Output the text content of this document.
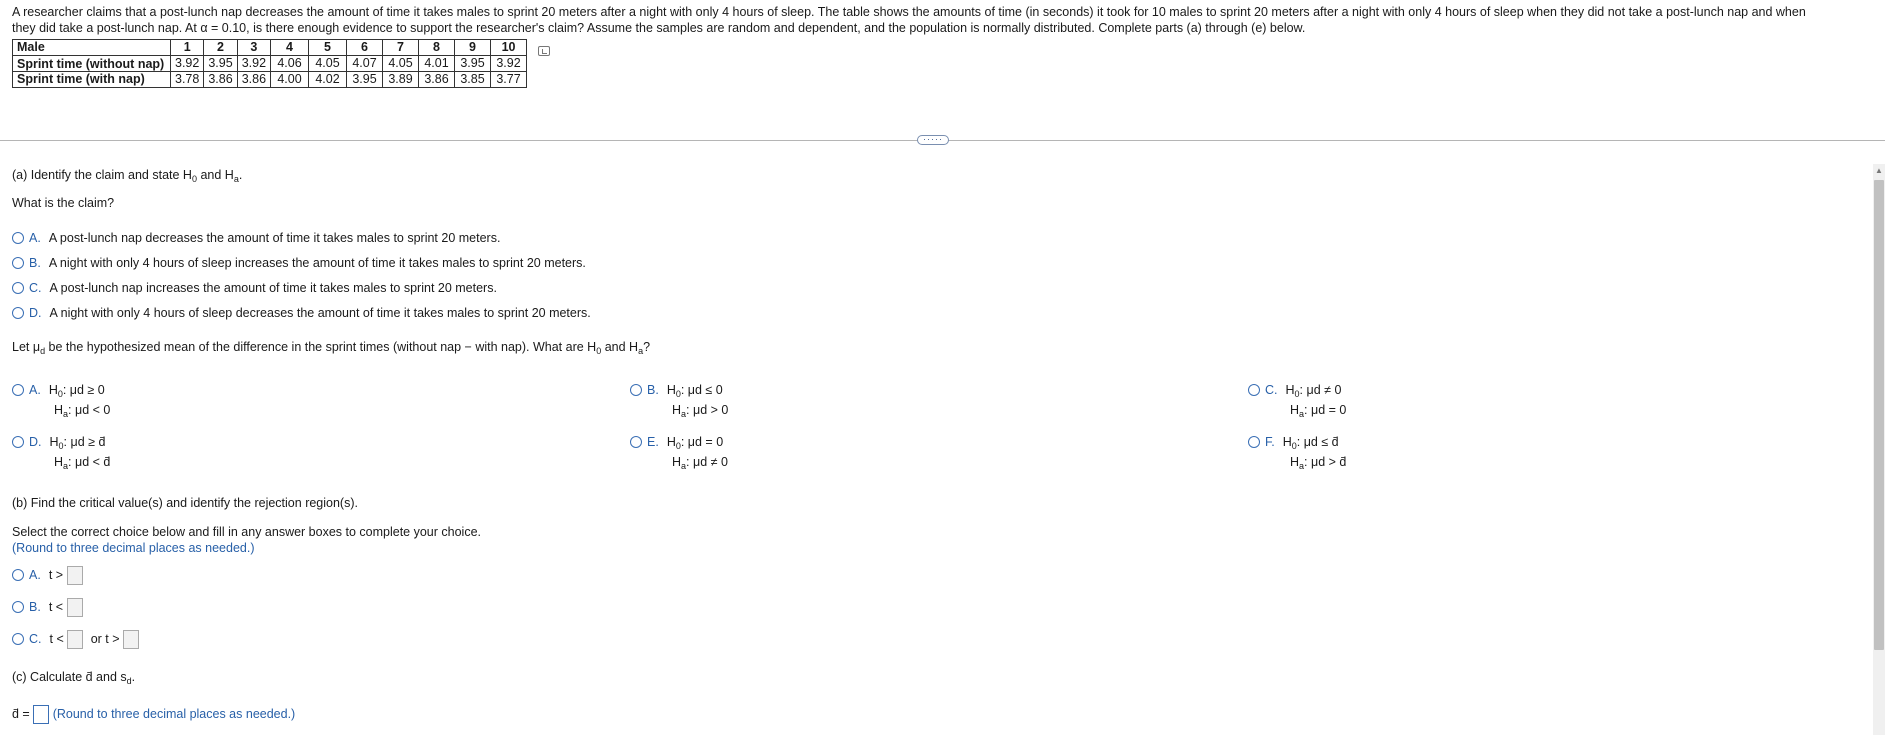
A researcher claims that a post-lunch nap decreases the amount of time it takes males to sprint 20 meters after a night with only 4 hours of sleep. The table shows the amounts of time (in seconds) it took for 10 males to sprint 20 meters after a night with only 4 hours of sleep when they did not take a post-lunch nap and when

they did take a post-lunch nap. At α = 0.10, is there enough evidence to support the researcher's claim? Assume the samples are random and dependent, and the population is normally distributed. Complete parts (a) through (e) below.

Male	1	2	3	4	5	6	7	8	9	10
Sprint time (without nap)	3.92	3.95	3.92	4.06	4.05	4.07	4.05	4.01	3.95	3.92
Sprint time (with nap)	3.78	3.86	3.86	4.00	4.02	3.95	3.89	3.86	3.85	3.77
·····
▲
(a) Identify the claim and state $H_0$ and $H_a$.
What is the claim?
A. A post-lunch nap decreases the amount of time it takes males to sprint 20 meters.
B. A night with only 4 hours of sleep increases the amount of time it takes males to sprint 20 meters.
C. A post-lunch nap increases the amount of time it takes males to sprint 20 meters.
D. A night with only 4 hours of sleep decreases the amount of time it takes males to sprint 20 meters.
Let $\mu_d$ be the hypothesized mean of the difference in the sprint times (without nap − with nap). What are $H_0$ and $H_a$?
A. $H_0$: μd ≥ 0
$H_a$: μd < 0
B. $H_0$: μd ≤ 0
$H_a$: μd > 0
C. $H_0$: μd ≠ 0
$H_a$: μd = 0
D. $H_0$: μd ≥ d̄
$H_a$: μd < d̄
E. $H_0$: μd = 0
$H_a$: μd ≠ 0
F. $H_0$: μd ≤ d̄
$H_a$: μd > d̄
(b) Find the critical value(s) and identify the rejection region(s).
Select the correct choice below and fill in any answer boxes to complete your choice.
(Round to three decimal places as needed.)
A. t >
B. t <
C. t < or t >
(c) Calculate d̄ and $s_d$.
d̄ = (Round to three decimal places as needed.)
